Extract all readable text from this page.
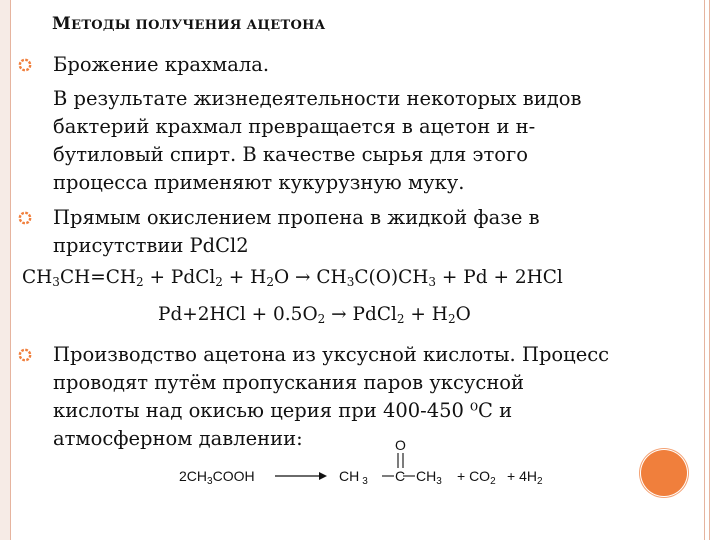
МЕТОДЫ ПОЛУЧЕНИЯ АЦЕТОНА
Брожение крахмала.
В результате жизнедеятельности некоторых видов
бактерий крахмал превращается в ацетон и н-
бутиловый спирт. В качестве сырья для этого
процесса применяют кукурузную муку.
Прямым окислением пропена в жидкой фазе в
присутствии PdCl2
$CH_3CH=CH_2$ + PdCl$_2$ + $H_2O \to CH_3C(O)CH_3 + Pd + 2HCl$
$Pd+2HCl + 0.5O_2$ → PdCl$_2$ + $H_2O$
Производство ацетона из уксусной кислоты. Процесс
проводят путём пропускания паров уксусной
кислоты над окисью церия при 400-450 ⁰С и
атмосферном давлении:
$2CH_3COOH$	CH $_3$ C
O
$CH_3 + CO_2 + 4H_2$
